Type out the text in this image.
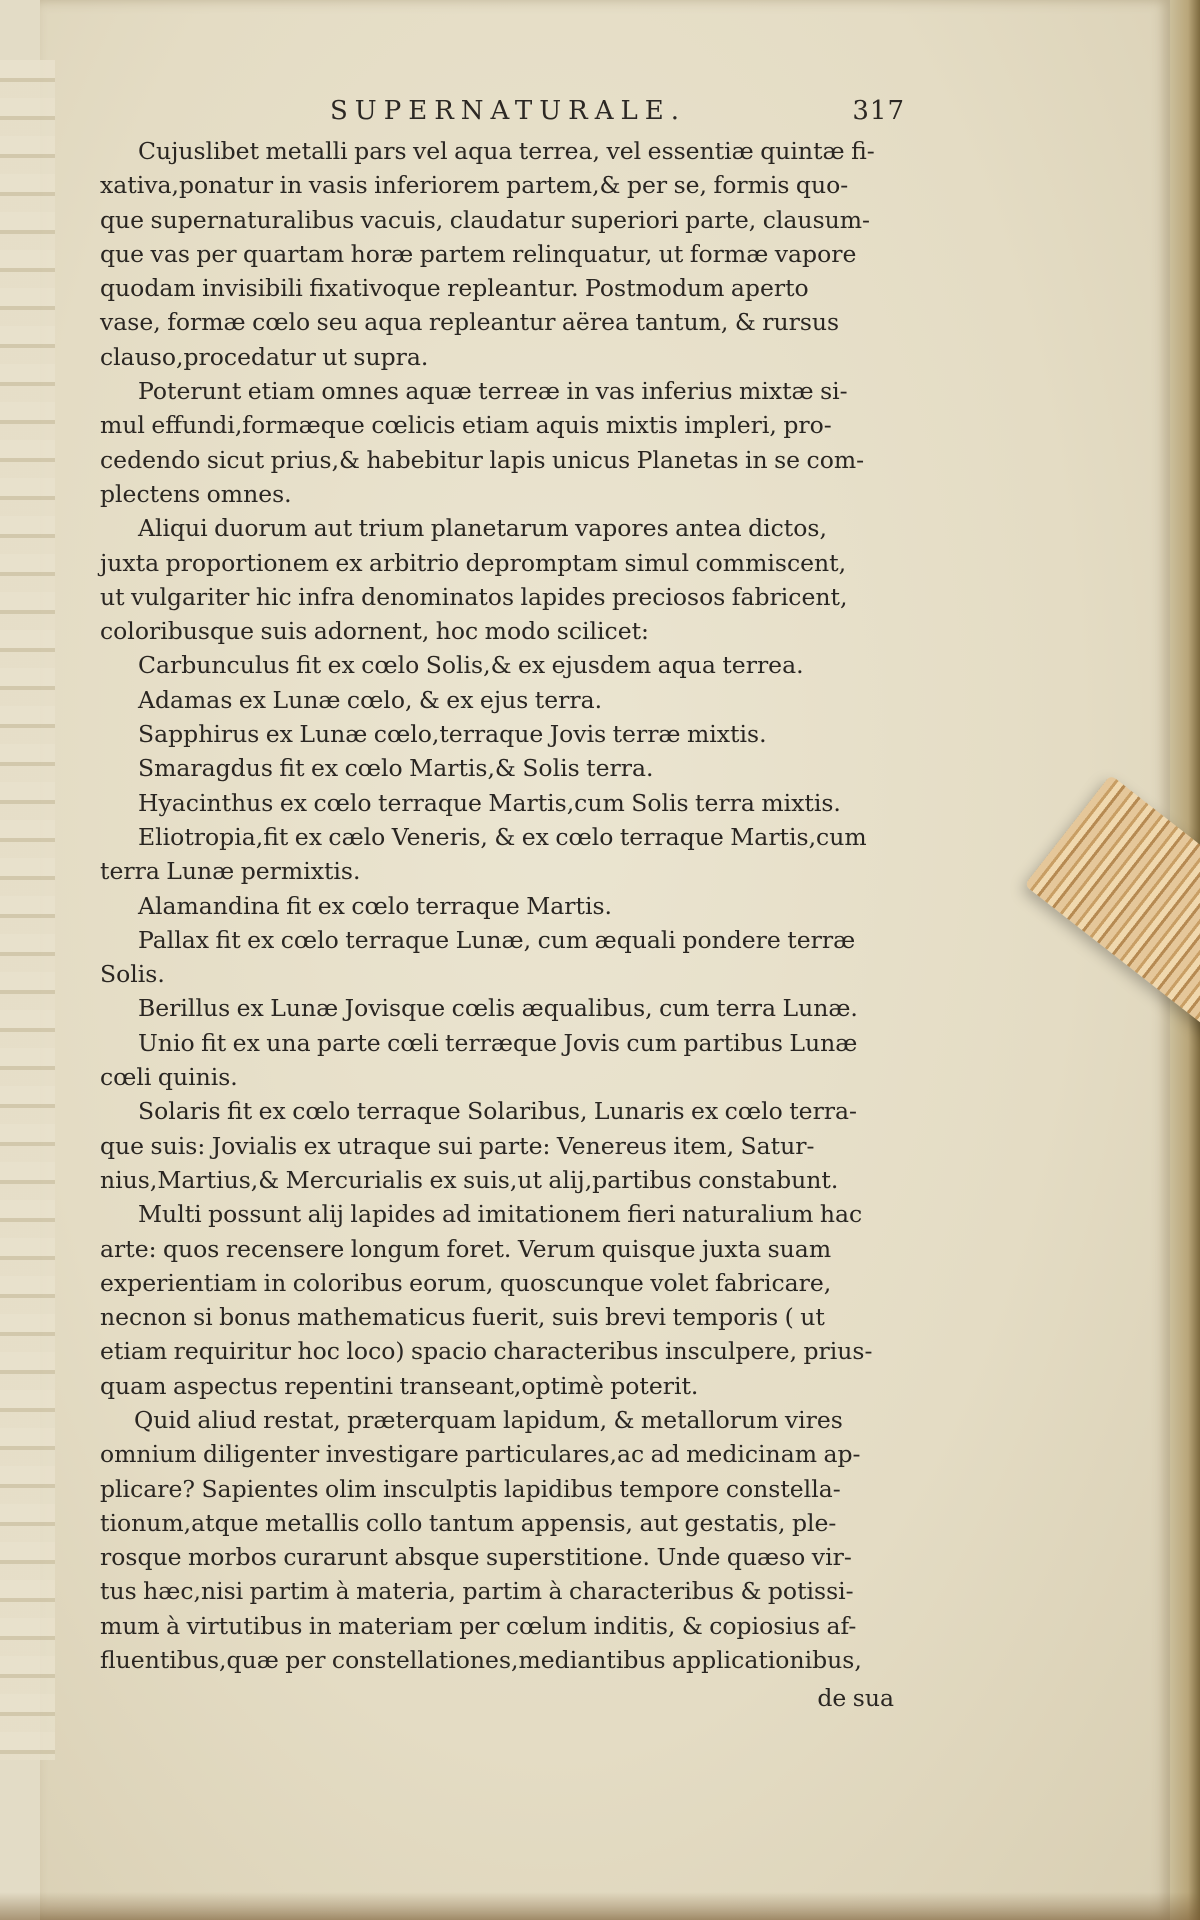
SUPERNATURALE.	317
Cujuslibet metalli pars vel aqua terrea, vel essentiæ quintæ fi-
xativa,ponatur in vasis inferiorem partem,& per se, formis quo-
que supernaturalibus vacuis, claudatur superiori parte, clausum-
que vas per quartam horæ partem relinquatur, ut formæ vapore
quodam invisibili fixativoque repleantur. Postmodum aperto
vase, formæ cœlo seu aqua repleantur aërea tantum, & rursus
clauso,procedatur ut supra.
Poterunt etiam omnes aquæ terreæ in vas inferius mixtæ si-
mul effundi,formæque cœlicis etiam aquis mixtis impleri, pro-
cedendo sicut prius,& habebitur lapis unicus Planetas in se com-
plectens omnes.
Aliqui duorum aut trium planetarum vapores antea dictos,
juxta proportionem ex arbitrio depromptam simul commiscent,
ut vulgariter hic infra denominatos lapides preciosos fabricent,
coloribusque suis adornent, hoc modo scilicet:
Carbunculus fit ex cœlo Solis,& ex ejusdem aqua terrea.
Adamas ex Lunæ cœlo, & ex ejus terra.
Sapphirus ex Lunæ cœlo,terraque Jovis terræ mixtis.
Smaragdus fit ex cœlo Martis,& Solis terra.
Hyacinthus ex cœlo terraque Martis,cum Solis terra mixtis.
Eliotropia,fit ex cælo Veneris, & ex cœlo terraque Martis,cum
terra Lunæ permixtis.
Alamandina fit ex cœlo terraque Martis.
Pallax fit ex cœlo terraque Lunæ, cum æquali pondere terræ
Solis.
Berillus ex Lunæ Jovisque cœlis æqualibus, cum terra Lunæ.
Unio fit ex una parte cœli terræque Jovis cum partibus Lunæ
cœli quinis.
Solaris fit ex cœlo terraque Solaribus, Lunaris ex cœlo terra-
que suis: Jovialis ex utraque sui parte: Venereus item, Satur-
nius,Martius,& Mercurialis ex suis,ut alij,partibus constabunt.
Multi possunt alij lapides ad imitationem fieri naturalium hac
arte: quos recensere longum foret. Verum quisque juxta suam
experientiam in coloribus eorum, quoscunque volet fabricare,
necnon si bonus mathematicus fuerit, suis brevi temporis ( ut
etiam requiritur hoc loco) spacio characteribus insculpere, prius-
quam aspectus repentini transeant,optimè poterit.
Quid aliud restat, præterquam lapidum, & metallorum vires
omnium diligenter investigare particulares,ac ad medicinam ap-
plicare? Sapientes olim insculptis lapidibus tempore constella-
tionum,atque metallis collo tantum appensis, aut gestatis, ple-
rosque morbos curarunt absque superstitione. Unde quæso vir-
tus hæc,nisi partim à materia, partim à characteribus & potissi-
mum à virtutibus in materiam per cœlum inditis, & copiosius af-
fluentibus,quæ per constellationes,mediantibus applicationibus,
de sua
